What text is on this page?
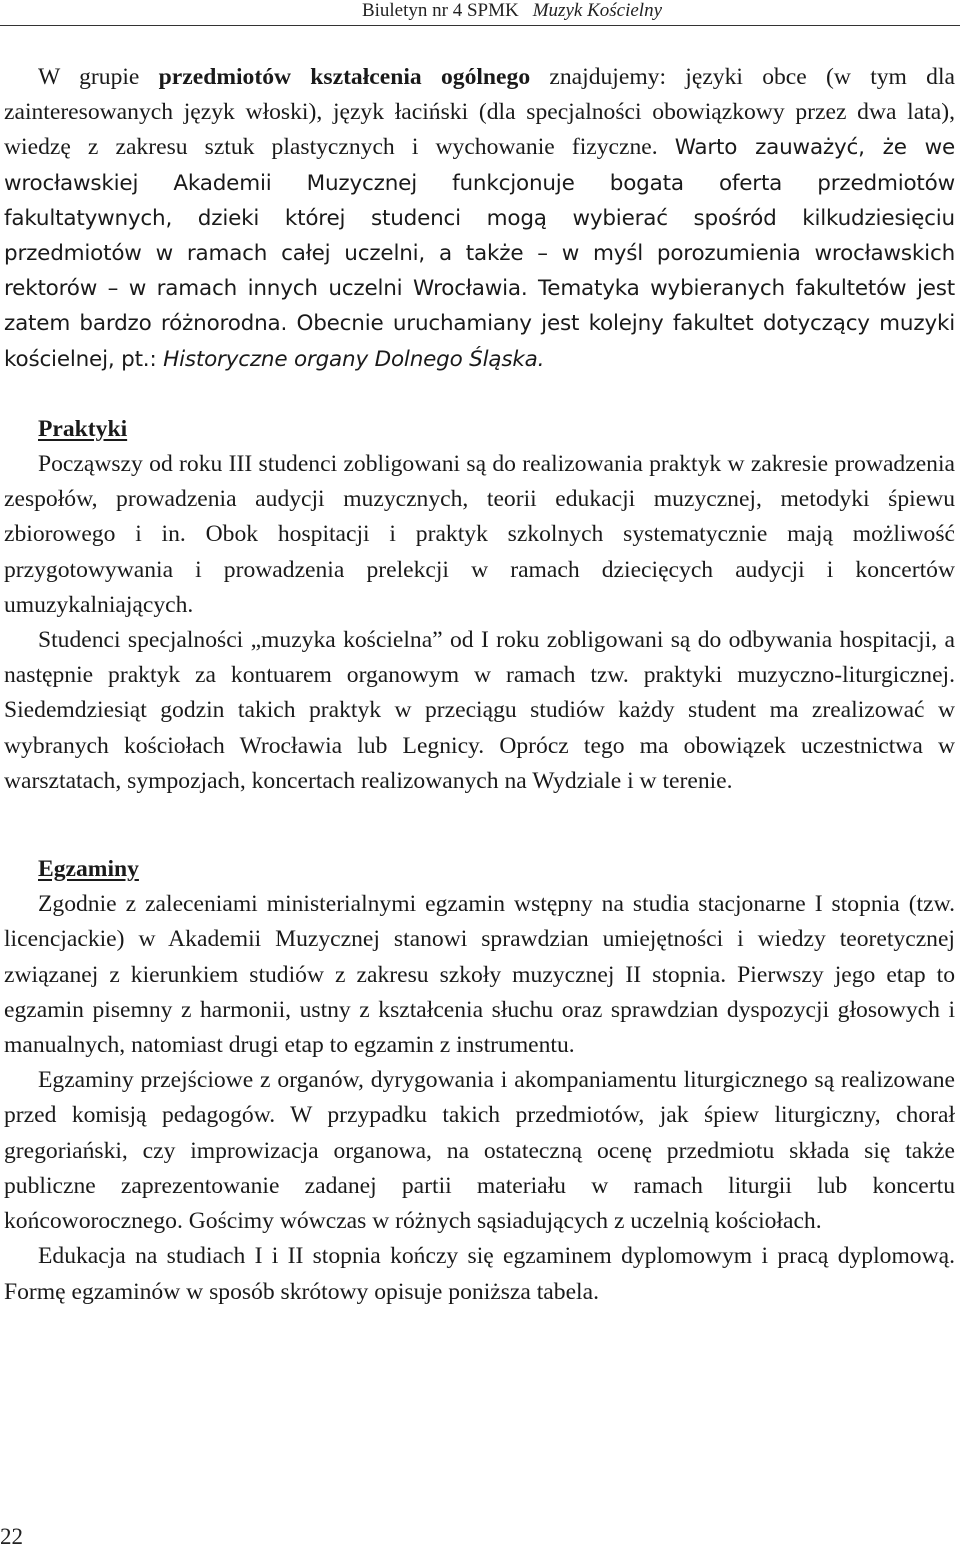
Biuletyn nr 4 SPMK Muzyk Kościelny

W grupie przedmiotów kształcenia ogólnego znajdujemy: języki obce (w tym dla zainteresowanych język włoski), język łaciński (dla specjalności obowiązkowy przez dwa lata), wiedzę z zakresu sztuk plastycznych i wychowanie fizyczne. Warto zauważyć, że we wrocławskiej Akademii Muzycznej funkcjonuje bogata oferta przedmiotów fakultatywnych, dzieki której studenci mogą wybierać spośród kilkudziesięciu przedmiotów w ramach całej uczelni, a także – w myśl porozumienia wrocławskich rektorów – w ramach innych uczelni Wrocławia. Tematyka wybieranych fakultetów jest zatem bardzo różnorodna. Obecnie uruchamiany jest kolejny fakultet dotyczący muzyki kościelnej, pt.: Historyczne organy Dolnego Śląska.

Praktyki

Począwszy od roku III studenci zobligowani są do realizowania praktyk w zakresie prowadzenia zespołów, prowadzenia audycji muzycznych, teorii edukacji muzycznej, metodyki śpiewu zbiorowego i in. Obok hospitacji i praktyk szkolnych systematycznie mają możliwość przygotowywania i prowadzenia prelekcji w ramach dziecięcych audycji i koncertów umuzykalniających.

Studenci specjalności „muzyka kościelna” od I roku zobligowani są do odbywania hospitacji, a następnie praktyk za kontuarem organowym w ramach tzw. praktyki muzyczno-liturgicznej. Siedemdziesiąt godzin takich praktyk w przeciągu studiów każdy student ma zrealizować w wybranych kościołach Wrocławia lub Legnicy. Oprócz tego ma obowiązek uczestnictwa w warsztatach, sympozjach, koncertach realizowanych na Wydziale i w terenie.

Egzaminy

Zgodnie z zaleceniami ministerialnymi egzamin wstępny na studia stacjonarne I stopnia (tzw. licencjackie) w Akademii Muzycznej stanowi sprawdzian umiejętności i wiedzy teoretycznej związanej z kierunkiem studiów z zakresu szkoły muzycznej II stopnia. Pierwszy jego etap to egzamin pisemny z harmonii, ustny z kształcenia słuchu oraz sprawdzian dyspozycji głosowych i manualnych, natomiast drugi etap to egzamin z instrumentu.

Egzaminy przejściowe z organów, dyrygowania i akompaniamentu liturgicznego są realizowane przed komisją pedagogów. W przypadku takich przedmiotów, jak śpiew liturgiczny, chorał gregoriański, czy improwizacja organowa, na ostateczną ocenę przedmiotu składa się także publiczne zaprezentowanie zadanej partii materiału w ramach liturgii lub koncertu końcoworocznego. Gościmy wówczas w różnych sąsiadujących z uczelnią kościołach.

Edukacja na studiach I i II stopnia kończy się egzaminem dyplomowym i pracą dyplomową. Formę egzaminów w sposób skrótowy opisuje poniższa tabela.

22
